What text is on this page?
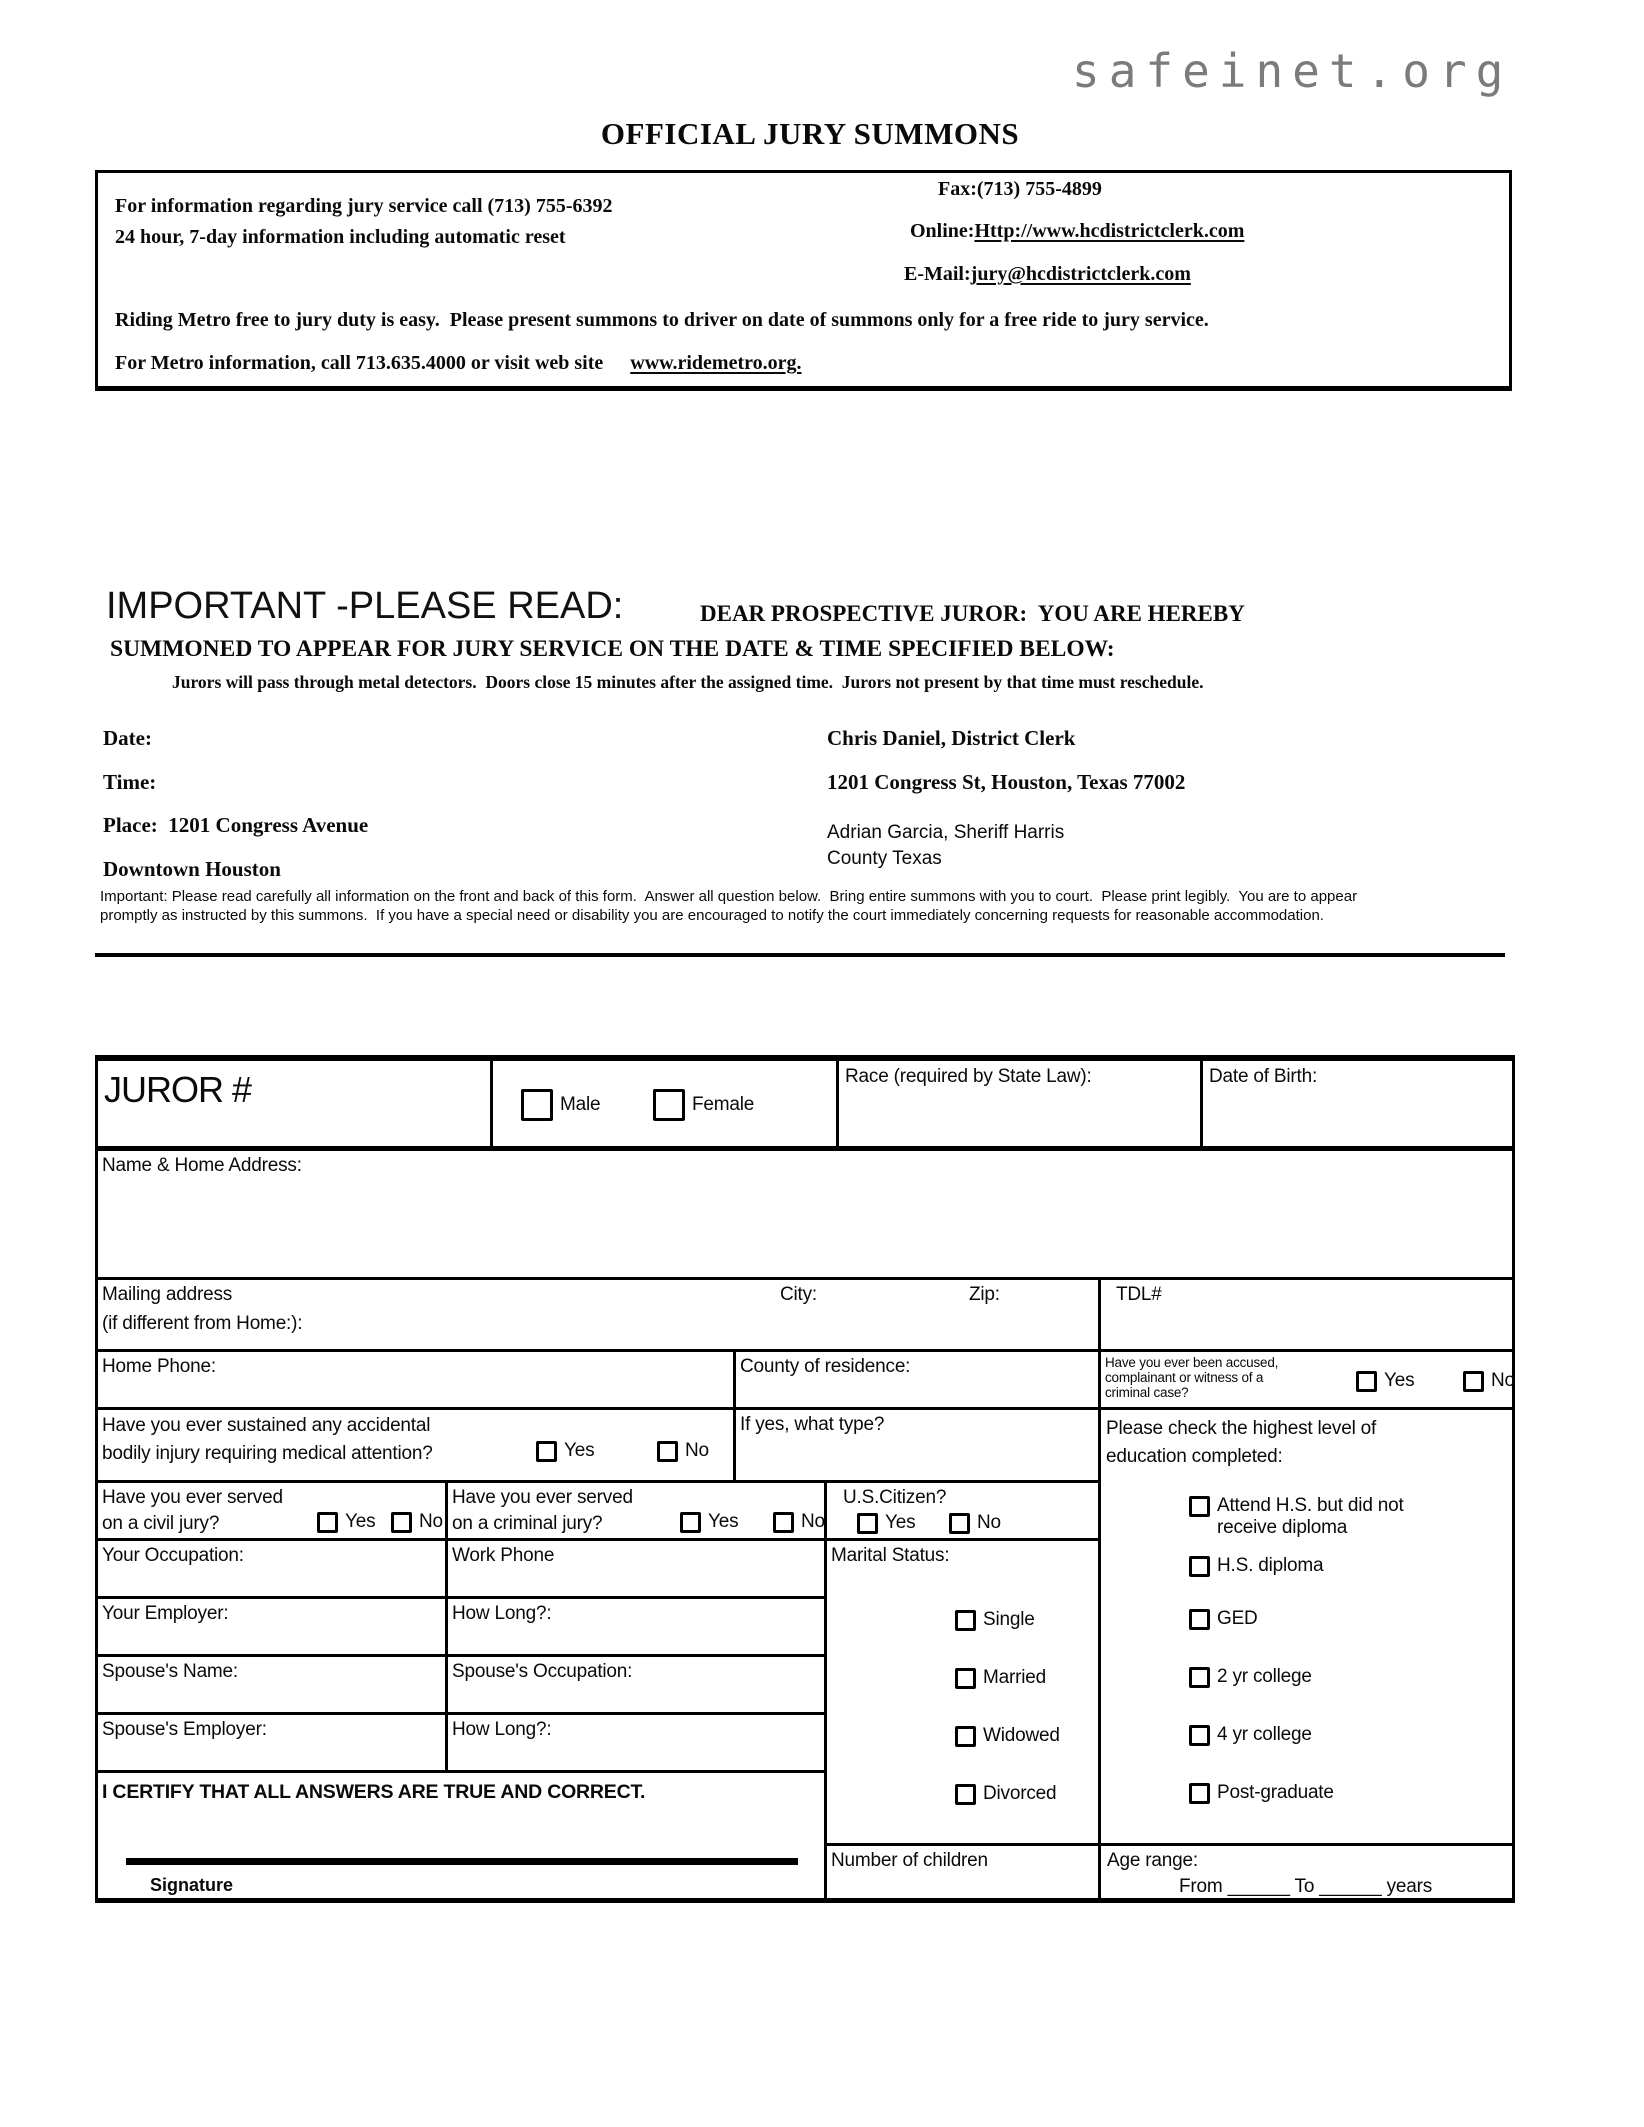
safeinet.org
OFFICIAL JURY SUMMONS
For information regarding jury service call (713) 755-6392
24 hour, 7-day information including automatic reset
Fax:(713) 755-4899
Online:Http://www.hcdistrictclerk.com
E-Mail:jury@hcdistrictclerk.com
Riding Metro free to jury duty is easy.  Please present summons to driver on date of summons only for a free ride to jury service.
For Metro information, call 713.635.4000 or visit web site www.ridemetro.org.
IMPORTANT -PLEASE READ:	DEAR PROSPECTIVE JUROR:  YOU ARE HEREBY
SUMMONED TO APPEAR FOR JURY SERVICE ON THE DATE & TIME SPECIFIED BELOW:
Jurors will pass through metal detectors.  Doors close 15 minutes after the assigned time.  Jurors not present by that time must reschedule.
Date:
Time:
Place:  1201 Congress Avenue
Downtown Houston
Chris Daniel, District Clerk
1201 Congress St, Houston, Texas 77002
Adrian Garcia, Sheriff Harris
County Texas
Important: Please read carefully all information on the front and back of this form.  Answer all question below.  Bring entire summons with you to court.  Please print legibly.  You are to appear
promptly as instructed by this summons.  If you have a special need or disability you are encouraged to notify the court immediately concerning requests for reasonable accommodation.
JUROR #	Male	Female
Race (required by State Law):	Date of Birth:
Name & Home Address:
Mailing address
(if different from Home:):
City:	Zip:	TDL#
Home Phone:	County of residence:	Have you ever been accused, complainant or witness of a criminal case?
Yes	No
Have you ever sustained any accidental
bodily injury requiring medical attention?	Yes	No
If yes, what type?	Please check the highest level of
education completed:
Attend H.S. but did not receive diploma
H.S. diploma
GED
2 yr college
4 yr college
Post-graduate
Have you ever served
on a civil jury?	Yes No
Have you ever served
on a criminal jury?	Yes	No
U.S.Citizen?
Yes	No
Marital Status:
Single
Married
Widowed
Divorced
Your Occupation:	Work Phone
Your Employer:	How Long?:
Spouse's Name:	Spouse's Occupation:
Spouse's Employer:	How Long?:
I CERTIFY THAT ALL ANSWERS ARE TRUE AND CORRECT.
Signature
Number of children	Age range:
From ______ To ______ years
